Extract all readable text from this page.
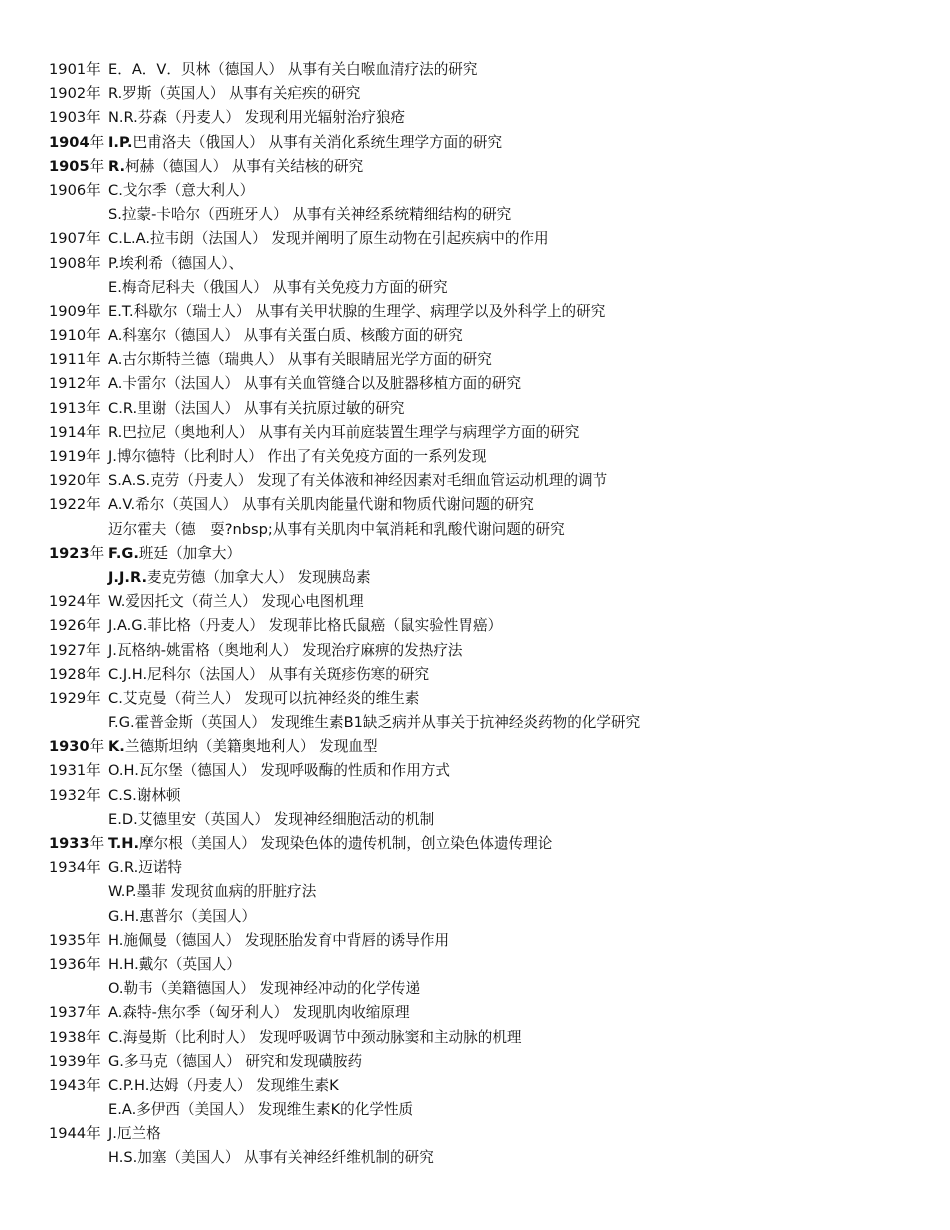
1901年 E．A．V．贝林（德国人） 从事有关白喉血清疗法的研究
1902年 R.罗斯（英国人） 从事有关疟疾的研究
1903年 N.R.芬森（丹麦人） 发现利用光辐射治疗狼疮
1904年 I.P.巴甫洛夫（俄国人） 从事有关消化系统生理学方面的研究
1905年 R.柯赫（德国人） 从事有关结核的研究
1906年 C.戈尔季（意大利人）
S.拉蒙-卡哈尔（西班牙人） 从事有关神经系统精细结构的研究
1907年 C.L.A.拉韦朗（法国人） 发现并阐明了原生动物在引起疾病中的作用
1908年 P.埃利希（德国人）、
E.梅奇尼科夫（俄国人） 从事有关免疫力方面的研究
1909年 E.T.科歇尔（瑞士人） 从事有关甲状腺的生理学、病理学以及外科学上的研究
1910年 A.科塞尔（德国人） 从事有关蛋白质、核酸方面的研究
1911年 A.古尔斯特兰德（瑞典人） 从事有关眼睛屈光学方面的研究
1912年 A.卡雷尔（法国人） 从事有关血管缝合以及脏器移植方面的研究
1913年 C.R.里谢（法国人） 从事有关抗原过敏的研究
1914年 R.巴拉尼（奥地利人） 从事有关内耳前庭装置生理学与病理学方面的研究
1919年 J.博尔德特（比利时人） 作出了有关免疫方面的一系列发现
1920年 S.A.S.克劳（丹麦人） 发现了有关体液和神经因素对毛细血管运动机理的调节
1922年 A.V.希尔（英国人） 从事有关肌肉能量代谢和物质代谢问题的研究
迈尔霍夫（德　耍?nbsp;从事有关肌肉中氧消耗和乳酸代谢问题的研究
1923年 F.G.班廷（加拿大）
J.J.R.麦克劳德（加拿大人） 发现胰岛素
1924年 W.爱因托文（荷兰人） 发现心电图机理
1926年 J.A.G.菲比格（丹麦人） 发现菲比格氏鼠癌（鼠实验性胃癌）
1927年 J.瓦格纳-姚雷格（奥地利人） 发现治疗麻痹的发热疗法
1928年 C.J.H.尼科尔（法国人） 从事有关斑疹伤寒的研究
1929年 C.艾克曼（荷兰人） 发现可以抗神经炎的维生素
F.G.霍普金斯（英国人） 发现维生素B1缺乏病并从事关于抗神经炎药物的化学研究
1930年 K.兰德斯坦纳（美籍奥地利人） 发现血型
1931年 O.H.瓦尔堡（德国人） 发现呼吸酶的性质和作用方式
1932年 C.S.谢林顿
E.D.艾德里安（英国人） 发现神经细胞活动的机制
1933年 T.H.摩尔根（美国人） 发现染色体的遗传机制，创立染色体遗传理论
1934年 G.R.迈诺特
W.P.墨菲 发现贫血病的肝脏疗法
G.H.惠普尔（美国人）
1935年 H.施佩曼（德国人） 发现胚胎发育中背唇的诱导作用
1936年 H.H.戴尔（英国人）
O.勒韦（美籍德国人） 发现神经冲动的化学传递
1937年 A.森特-焦尔季（匈牙利人） 发现肌肉收缩原理
1938年 C.海曼斯（比利时人） 发现呼吸调节中颈动脉窦和主动脉的机理
1939年 G.多马克（德国人） 研究和发现磺胺药
1943年 C.P.H.达姆（丹麦人） 发现维生素K
E.A.多伊西（美国人） 发现维生素K的化学性质
1944年 J.厄兰格
H.S.加塞（美国人） 从事有关神经纤维机制的研究
